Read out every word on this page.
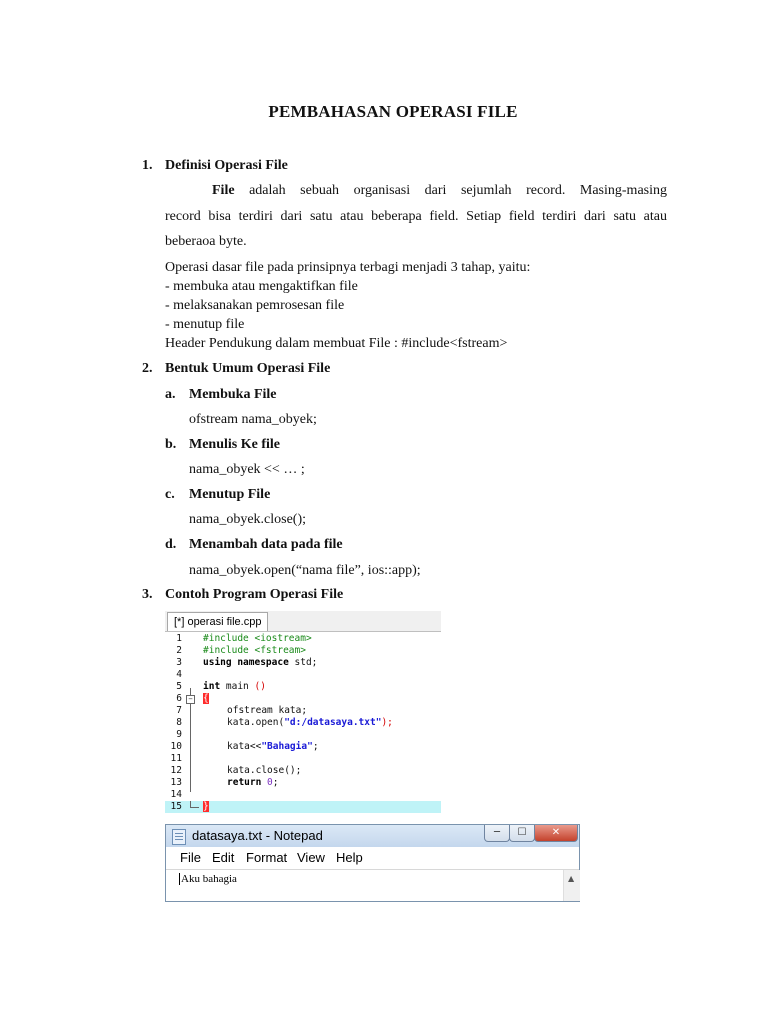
PEMBAHASAN OPERASI FILE
1. Definisi Operasi File
File adalah sebuah organisasi dari sejumlah record. Masing-masing
record bisa terdiri dari satu atau beberapa field. Setiap field terdiri dari satu atau
beberaoa byte.
Operasi dasar file pada prinsipnya terbagi menjadi 3 tahap, yaitu:
- membuka atau mengaktifkan file
- melaksanakan pemrosesan file
- menutup file
Header Pendukung dalam membuat File : #include<fstream>
2. Bentuk Umum Operasi File
a. Membuka File
ofstream nama_obyek;
b. Menulis Ke file
nama_obyek << … ;
c. Menutup File
nama_obyek.close();
d. Menambah data pada file
nama_obyek.open(“nama file”, ios::app);
3. Contoh Program Operasi File
[*] operasi file.cpp
1 #include <iostream>
2 #include <fstream>
3 using namespace std;
4
5 int main ()
6 − {
7	ofstream kata;
8	kata.open("d:/datasaya.txt");
9
10	kata<<"Bahagia";
11
12	kata.close();
13	return 0;
14
15 }
datasaya.txt - Notepad	─	☐	✕
File Edit Format View Help
Aku bahagia	▲
